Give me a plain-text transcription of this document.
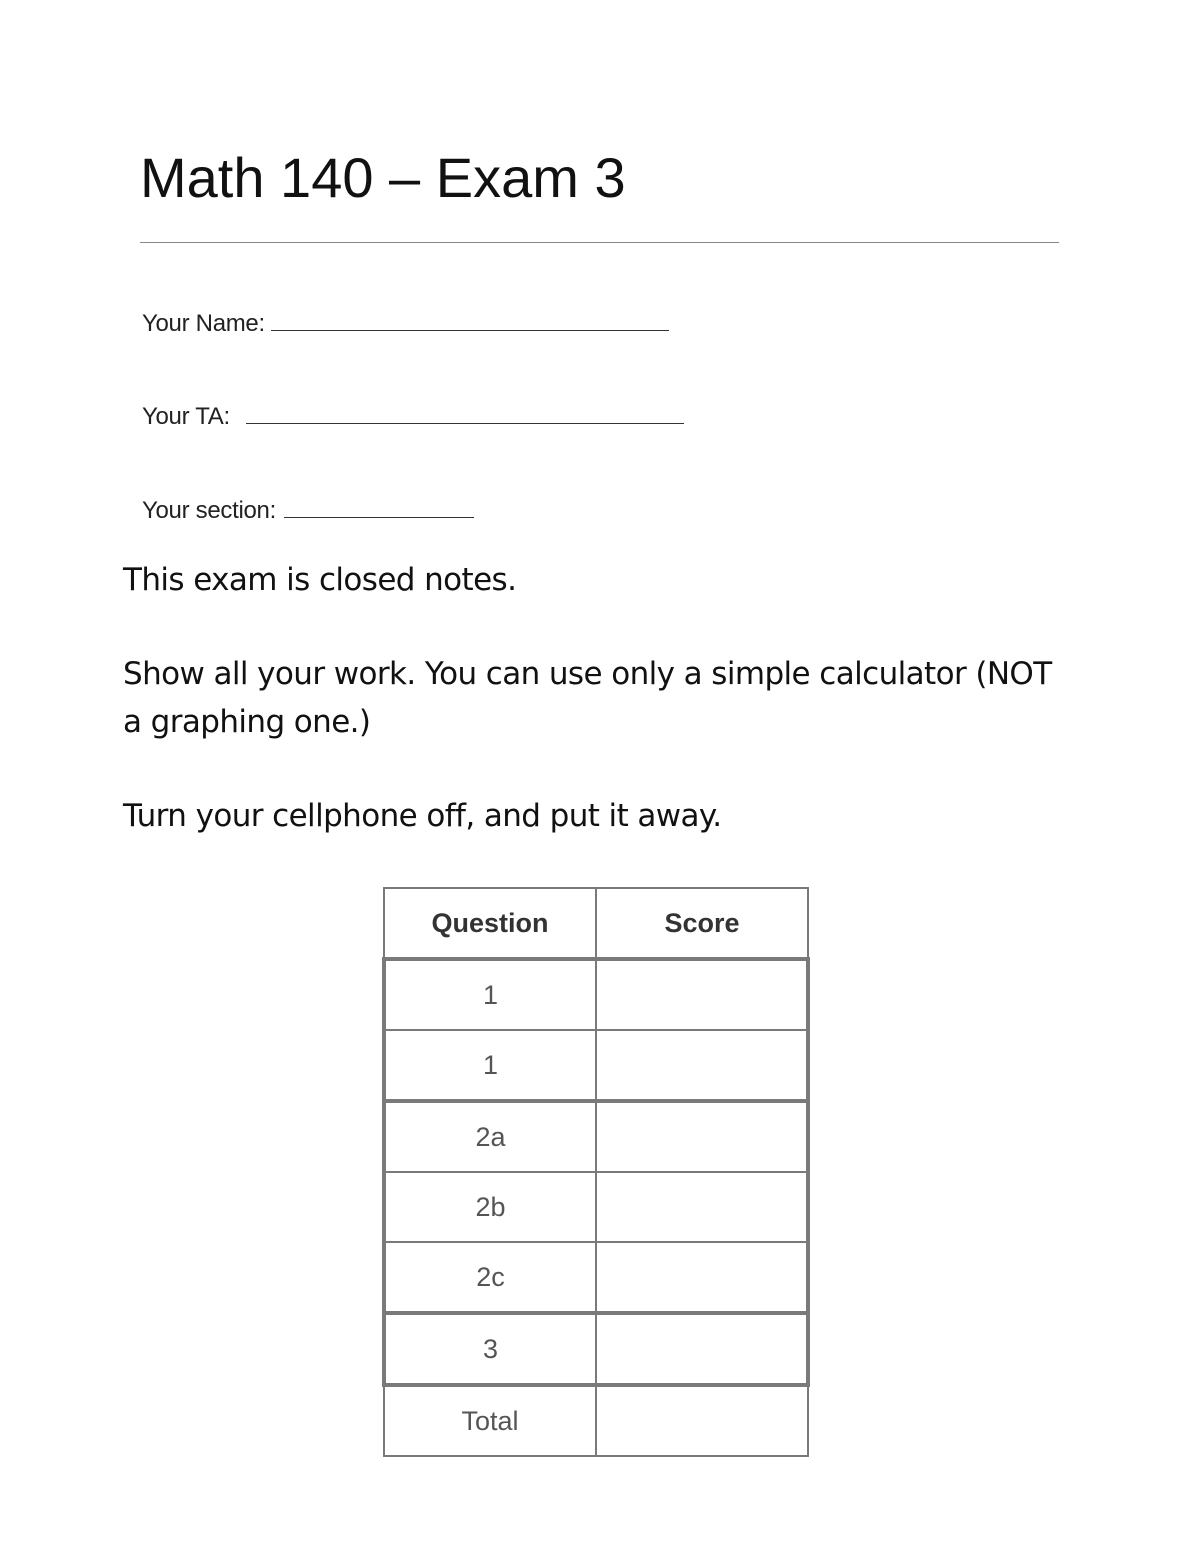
Math 140 – Exam 3
Your Name:
Your TA:
Your section:

This exam is closed notes.

Show all your work. You can use only a simple calculator (NOT a graphing one.)

Turn your cellphone off, and put it away.

Question	Score
1	
1	
2a	
2b	
2c	
3	
Total	
